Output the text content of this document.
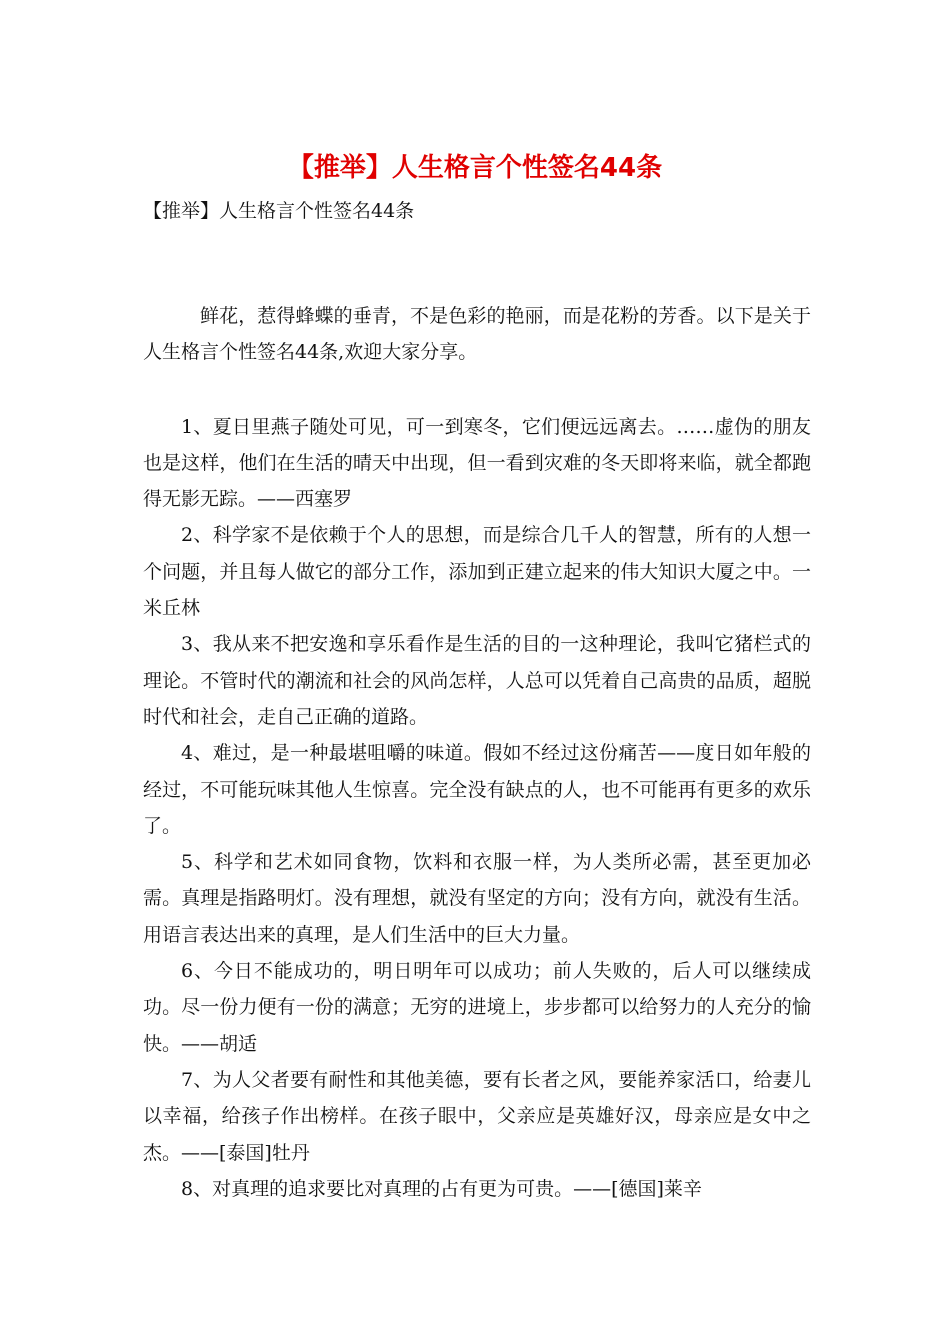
【推举】人生格言个性签名44条
【推举】人生格言个性签名44条

鲜花，惹得蜂蝶的垂青，不是色彩的艳丽，而是花粉的芳香。以下是关于人生格言个性签名44条,欢迎大家分享。

1、夏日里燕子随处可见，可一到寒冬，它们便远远离去。……虚伪的朋友也是这样，他们在生活的晴天中出现，但一看到灾难的冬天即将来临，就全都跑得无影无踪。——西塞罗

2、科学家不是依赖于个人的思想，而是综合几千人的智慧，所有的人想一个问题，并且每人做它的部分工作，添加到正建立起来的伟大知识大厦之中。一米丘林

3、我从来不把安逸和享乐看作是生活的目的一这种理论，我叫它猪栏式的理论。不管时代的潮流和社会的风尚怎样，人总可以凭着自己高贵的品质，超脱时代和社会，走自己正确的道路。

4、难过，是一种最堪咀嚼的味道。假如不经过这份痛苦——度日如年般的经过，不可能玩味其他人生惊喜。完全没有缺点的人，也不可能再有更多的欢乐了。

5、科学和艺术如同食物，饮料和衣服一样，为人类所必需，甚至更加必需。真理是指路明灯。没有理想，就没有坚定的方向；没有方向，就没有生活。用语言表达出来的真理，是人们生活中的巨大力量。

6、今日不能成功的，明日明年可以成功；前人失败的，后人可以继续成功。尽一份力便有一份的满意；无穷的进境上，步步都可以给努力的人充分的愉快。——胡适

7、为人父者要有耐性和其他美德，要有长者之风，要能养家活口，给妻儿以幸福，给孩子作出榜样。在孩子眼中，父亲应是英雄好汉，母亲应是女中之杰。——[泰国]牡丹

8、对真理的追求要比对真理的占有更为可贵。——[德国]莱辛
